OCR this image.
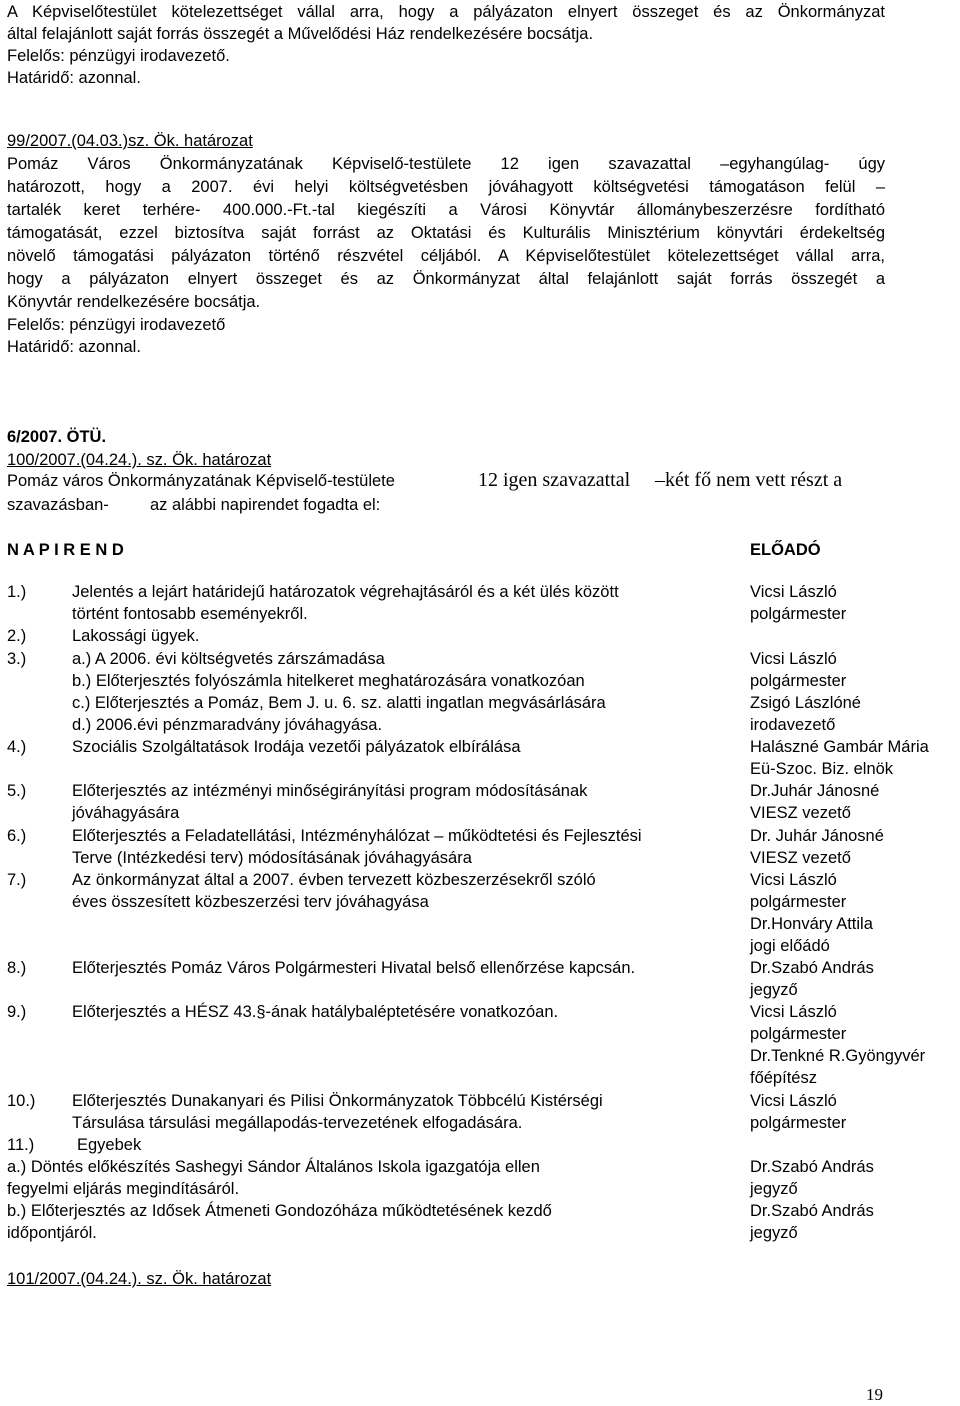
A Képviselőtestület kötelezettséget vállal arra, hogy a pályázaton elnyert összeget és az Önkormányzat
által felajánlott saját forrás összegét a Művelődési Ház rendelkezésére bocsátja.
Felelős: pénzügyi irodavezető.
Határidő: azonnal.
99/2007.(04.03.)sz. Ök. határozat
Pomáz Város Önkormányzatának Képviselő-testülete 12 igen szavazattal –egyhangúlag- úgy
határozott, hogy a 2007. évi helyi költségvetésben jóváhagyott költségvetési támogatáson felül –
tartalék keret terhére- 400.000.-Ft.-tal kiegészíti a Városi Könyvtár állománybeszerzésre fordítható
támogatását, ezzel biztosítva saját forrást az Oktatási és Kulturális Minisztérium könyvtári érdekeltség
növelő támogatási pályázaton történő részvétel céljából. A Képviselőtestület kötelezettséget vállal arra,
hogy a pályázaton elnyert összeget és az Önkormányzat által felajánlott saját forrás összegét a
Könyvtár rendelkezésére bocsátja.
Felelős: pénzügyi irodavezető
Határidő: azonnal.
6/2007. ÖTÜ.
100/2007.(04.24.). sz. Ök. határozat
Pomáz város Önkormányzatának Képviselő-testülete	12 igen szavazattal –két fő nem vett részt a
szavazásban- az alábbi napirendet fogadta el:
N A P I R E N D	ELŐADÓ
1.)	Jelentés a lejárt határidejű határozatok végrehajtásáról és a két ülés között	Vicsi László
történt fontosabb eseményekről.	polgármester
2.)	Lakossági ügyek.
3.)	a.) A 2006. évi költségvetés zárszámadása	Vicsi László
b.) Előterjesztés folyószámla hitelkeret meghatározására vonatkozóan	polgármester
c.) Előterjesztés a Pomáz, Bem J. u. 6. sz. alatti ingatlan megvásárlására	Zsigó Lászlóné
d.) 2006.évi pénzmaradvány jóváhagyása.	irodavezető
4.)	Szociális Szolgáltatások Irodája vezetői pályázatok elbírálása	Halászné Gambár Mária
Eü-Szoc. Biz. elnök
5.)	Előterjesztés az intézményi minőségirányítási program módosításának	Dr.Juhár Jánosné
jóváhagyására	VIESZ vezető
6.)	Előterjesztés a Feladatellátási, Intézményhálózat – működtetési és Fejlesztési	Dr. Juhár Jánosné
Terve (Intézkedési terv) módosításának jóváhagyására	VIESZ vezető
7.)	Az önkormányzat által a 2007. évben tervezett közbeszerzésekről szóló	Vicsi László
éves összesített közbeszerzési terv jóváhagyása	polgármester
Dr.Honváry Attila
jogi előádó
8.)	Előterjesztés Pomáz Város Polgármesteri Hivatal belső ellenőrzése kapcsán.	Dr.Szabó András
jegyző
9.)	Előterjesztés a HÉSZ 43.§-ának hatálybaléptetésére vonatkozóan.	Vicsi László
polgármester
Dr.Tenkné R.Gyöngyvér
főépítész
10.) Előterjesztés Dunakanyari és Pilisi Önkormányzatok Többcélú Kistérségi	Vicsi László
Társulása társulási megállapodás-tervezetének elfogadására.	polgármester
11.)	Egyebek
a.) Döntés előkészítés Sashegyi Sándor Általános Iskola igazgatója ellen	Dr.Szabó András
fegyelmi eljárás megindításáról.	jegyző
b.) Előterjesztés az Idősek Átmeneti Gondozóháza működtetésének kezdő	Dr.Szabó András
időpontjáról.	jegyző
101/2007.(04.24.). sz. Ök. határozat
19
